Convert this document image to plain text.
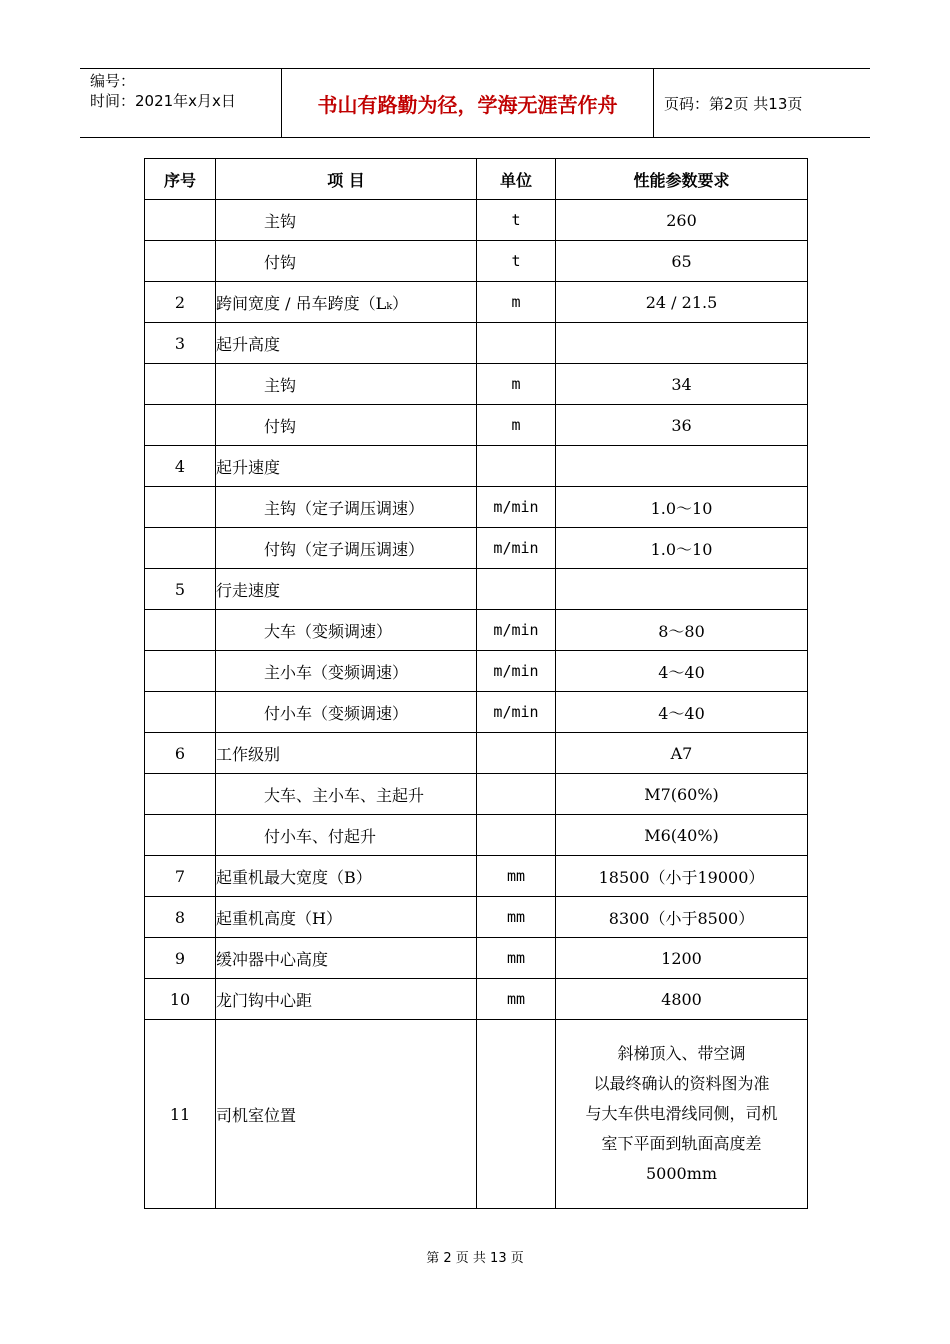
编号：
时间：2021年x月x日	书山有路勤为径，学海无涯苦作舟	页码：第2页 共13页
序号	项 目	单位	性能参数要求
	主钩	t	260
	付钩	t	65
2	跨间宽度 / 吊车跨度（Lₖ）	m	24 / 21.5
3	起升高度		
	主钩	m	34
	付钩	m	36
4	起升速度		
	主钩（定子调压调速）	m/min	1.0～10
	付钩（定子调压调速）	m/min	1.0～10
5	行走速度		
	大车（变频调速）	m/min	8～80
	主小车（变频调速）	m/min	4～40
	付小车（变频调速）	m/min	4～40
6	工作级别		A7
	大车、主小车、主起升		M7(60%)
	付小车、付起升		M6(40%)
7	起重机最大宽度（B）	mm	18500（小于19000）
8	起重机高度（H）	mm	8300（小于8500）
9	缓冲器中心高度	mm	1200
10	龙门钩中心距	mm	4800
11	司机室位置		斜梯顶入、带空调
以最终确认的资料图为准
与大车供电滑线同侧，司机
室下平面到轨面高度差
5000mm
第 2 页 共 13 页
